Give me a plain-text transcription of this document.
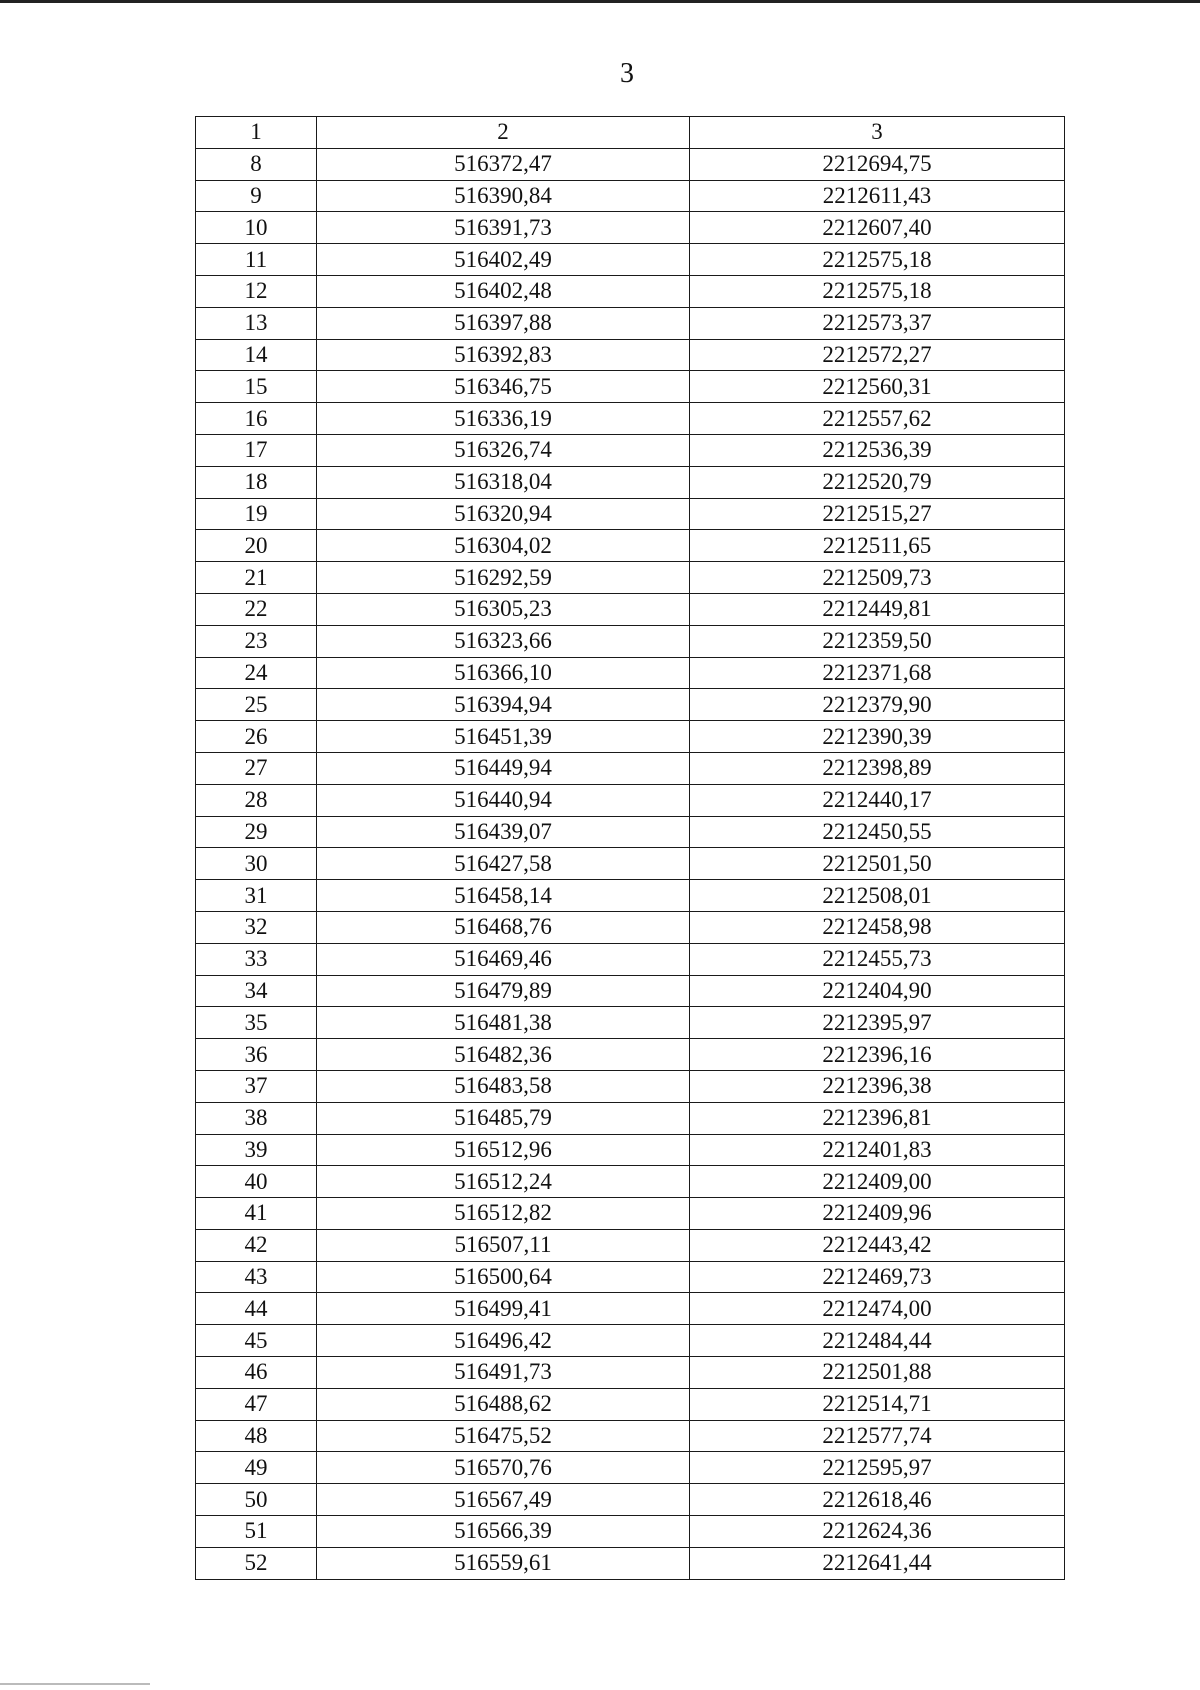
3
1	2	3
8	516372,47	2212694,75
9	516390,84	2212611,43
10	516391,73	2212607,40
11	516402,49	2212575,18
12	516402,48	2212575,18
13	516397,88	2212573,37
14	516392,83	2212572,27
15	516346,75	2212560,31
16	516336,19	2212557,62
17	516326,74	2212536,39
18	516318,04	2212520,79
19	516320,94	2212515,27
20	516304,02	2212511,65
21	516292,59	2212509,73
22	516305,23	2212449,81
23	516323,66	2212359,50
24	516366,10	2212371,68
25	516394,94	2212379,90
26	516451,39	2212390,39
27	516449,94	2212398,89
28	516440,94	2212440,17
29	516439,07	2212450,55
30	516427,58	2212501,50
31	516458,14	2212508,01
32	516468,76	2212458,98
33	516469,46	2212455,73
34	516479,89	2212404,90
35	516481,38	2212395,97
36	516482,36	2212396,16
37	516483,58	2212396,38
38	516485,79	2212396,81
39	516512,96	2212401,83
40	516512,24	2212409,00
41	516512,82	2212409,96
42	516507,11	2212443,42
43	516500,64	2212469,73
44	516499,41	2212474,00
45	516496,42	2212484,44
46	516491,73	2212501,88
47	516488,62	2212514,71
48	516475,52	2212577,74
49	516570,76	2212595,97
50	516567,49	2212618,46
51	516566,39	2212624,36
52	516559,61	2212641,44
